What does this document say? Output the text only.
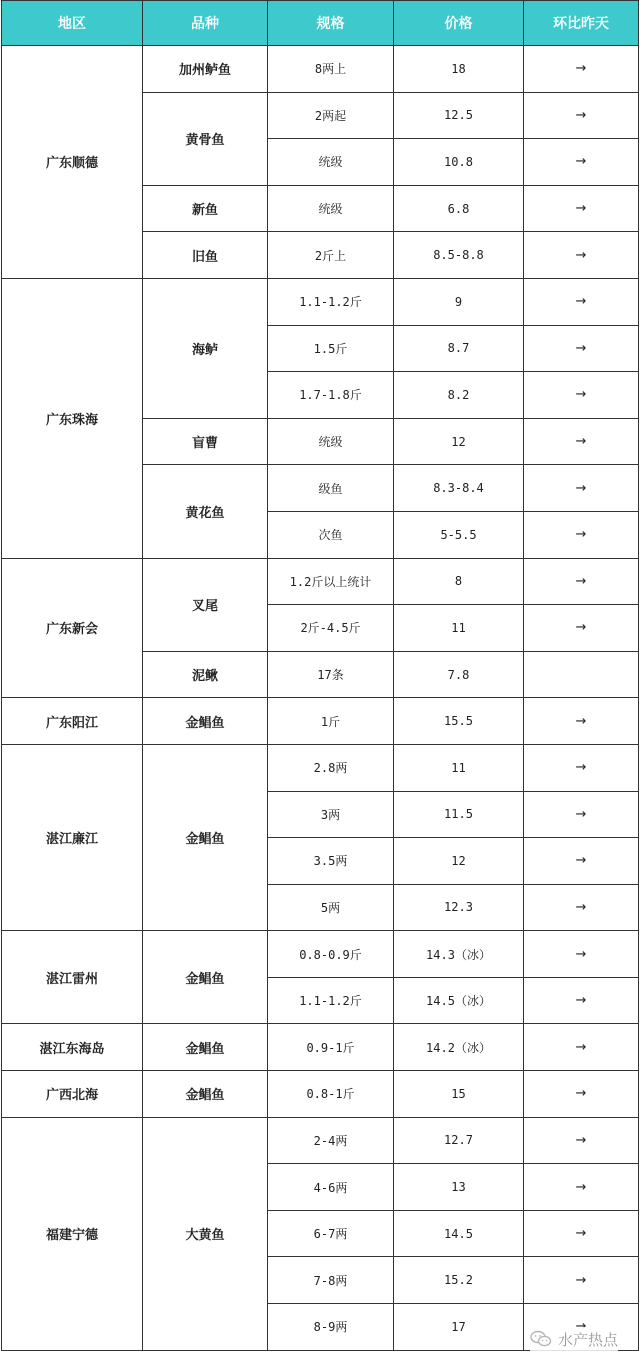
地区	品种	规格	价格	环比昨天
广东顺德	加州鲈鱼	8两上	18	→
	黄骨鱼	2两起	12.5	→
		统级	10.8	→
	新鱼	统级	6.8	→
	旧鱼	2斤上	8.5-8.8	→
广东珠海	海鲈	1.1-1.2斤	9	→
		1.5斤	8.7	→
		1.7-1.8斤	8.2	→
	盲曹	统级	12	→
	黄花鱼	级鱼	8.3-8.4	→
		次鱼	5-5.5	→
广东新会	叉尾	1.2斤以上统计	8	→
		2斤-4.5斤	11	→
	泥鳅	17条	7.8	
广东阳江	金鲳鱼	1斤	15.5	→
湛江廉江	金鲳鱼	2.8两	11	→
		3两	11.5	→
		3.5两	12	→
		5两	12.3	→
湛江雷州	金鲳鱼	0.8-0.9斤	14.3（冰）	→
		1.1-1.2斤	14.5（冰）	→
湛江东海岛	金鲳鱼	0.9-1斤	14.2（冰）	→
广西北海	金鲳鱼	0.8-1斤	15	→
福建宁德	大黄鱼	2-4两	12.7	→
		4-6两	13	→
		6-7两	14.5	→
		7-8两	15.2	→
		8-9两	17	
水产热点
